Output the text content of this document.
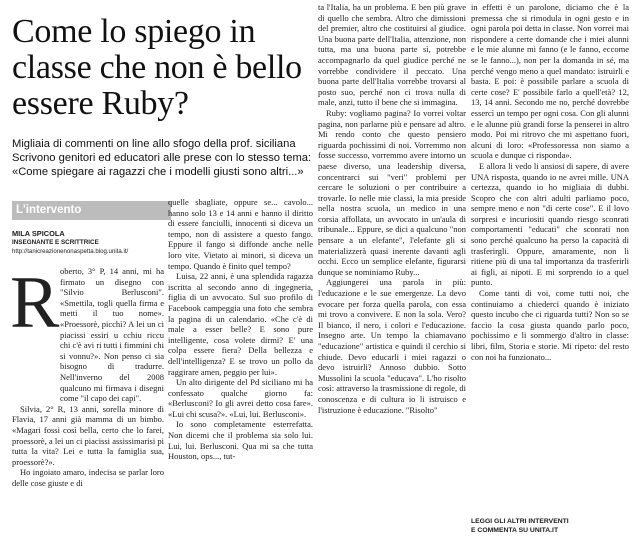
Come lo spiego in classe che non è bello essere Ruby?
Migliaia di commenti on line allo sfogo della prof. siciliana Scrivono genitori ed educatori alle prese con lo stesso tema: «Come spiegare ai ragazzi che i modelli giusti sono altri...»
L'intervento
MILA SPICOLA
INSEGNANTE E SCRITTRICE
http://tanicreazionenonaspetta.blog.unita.it/
R oberto, 3° P, 14 anni, mi ha firmato un disegno con "Silvio Berlusconi". «Smettila, togli quella firma e metti il tuo nome». «Proessorè, picchì? A lei un ci piacissi essiri u cchiu riccu chi c'è avi ri tutti i fimmini chi si vonnu?». Non penso ci sia bisogno di tradurre. Nell'inverno del 2008 qualcuno mi firmava i disegni come "il capo dei capi".
Silvia, 2° R, 13 anni, sorella minore di Flavia, 17 anni già mamma di un bimbo. «Magari fossi così bella, certo che lo farei, proessorè, a lei un ci piacissi assissimarisi pi tutta la vita? Lei e tutta la famiglia sua, proessorè?».
Ho ingoiato amaro, indecisa se parlar loro delle cose giuste e di
quelle sbagliate, oppure se... cavolo... hanno solo 13 e 14 anni e hanno il diritto di essere fanciulli, innocenti si diceva un tempo, non di assistere a questo fango. Eppure il fango si diffonde anche nelle loro vite. Vietato ai minori, si diceva un tempo. Quando è finito quel tempo?
Luisa, 22 anni, è una splendida ragazza iscritta al secondo anno di ingegneria, figlia di un avvocato. Sul suo profilo di Facebook campeggia una foto che sembra la pagina di un calendario. «Che c'è di male a esser belle? E sono pure intelligente, cosa volete dirmi? E' una colpa essere fiera? Della bellezza e dell'intelligenza? E se trovo un pollo da raggirare amen, peggio per lui».
Un alto dirigente del Pd siciliano mi ha confessato qualche giorno fa: «Berlusconi? Io gli avrei detto cosa fare». «Lui chi scusa?». «Lui, lui. Berlusconi».
Io sono completamente esterrefatta. Non dicemi che il problema sia solo lui. Lui, lui. Berlusconi. Qua mi sa che tutta Houston, ops..., tut-
ta l'Italia, ha un problema. E ben più grave di quello che sembra. Altro che dimissioni del premier, altro che costituirsi al giudice. Una buona parte dell'Italia, attenzione, non tutta, ma una buona parte sì, potrebbe accompagnarlo da quel giudice perché ne vorrebbe condividere il peccato. Una buona parte dell'Italia vorrebbe trovarsi al posto suo, perché non ci trova nulla di male, anzi, tutto il bene che si immagina.
Ruby: vogliamo pagina? Io vorrei voltar pagina, non parlarne più e pensare ad altro. Mi rendo conto che questo pensiero riguarda pochissimi di noi. Vorremmo non fosse successo, vorremmo avere intorno un paese diverso, una leadership diversa, concentrarci sui "veri" problemi per cercare le soluzioni o per contribuire a trovarle. Io nelle mie classi, la mia preside nella nostra scuola, un medico in una corsia affollata, un avvocato in un'aula di tribunale... Eppure, se dici a qualcuno "non pensare a un elefante", l'elefante gli si materializzerà quasi inerente davanti agli occhi. Ecco un semplice elefante, figurarsi dunque se nominiamo Ruby...
Aggiungerei una parola in più: l'educazione e le sue emergenze. La devo evocare per forza quella parola, con essa mi trovo a convivere. E non la sola. Vero? Il bianco, il nero, i colori e l'educazione. Insegno arte. Un tempo la chiamavano "educazione" artistica e quindi il cerchio si chiude. Devo educarli i miei ragazzi o devo istruirli? Annoso dubbio. Sotto Mussolini la scuola "educava". L'ho risolto così: attraverso la trasmissione di regole, di conoscenza e di cultura io li istruisco e l'istruzione è educazione. "Risolto"
in effetti è un parolone, diciamo che è la premessa che si rimodula in ogni gesto e in ogni parola poi detta in classe. Non vorrei mai rispondere a certe domande che i miei alunni e le mie alunne mi fanno (e le fanno, eccome se le fanno...), non per la domanda in sé, ma perché vengo meno a quel mandato: istruirli e basta. E poi: è possibile parlare a scuola di certe cose? E' possibile farlo a quell'età? 12, 13, 14 anni. Secondo me no, perché dovrebbe essercì un tempo per ogni cosa. Con gli alunni e le alunne più grandi forse la penserei in altro modo. Poi mi ritrovo che mi aspettano fuori, alcuni di loro: «Professoressa non siamo a scuola e dunque ci risponda».
E allora li vedo li ansiosi di sapere, di avere UNA risposta, quando io ne avrei mille. UNA certezza, quando io ho migliaia di dubbi. Scopro che con altri adulti parliamo poco, sempre meno e non "di certe cose". E il lovo sorpresi e incuriositi quando riesgo sconrati comportamenti "educati" che sconrati non sono perché qualcuno ha perso la capacità di trasferirgli. Oppure, amaramente, non li ritiene più di una tal importanza da trasferirli ai figli, ai nipoti. E mi sorprendo io a quel punto.
Come tanti di voi, come tutti noi, che continuiamo a chiederci quando è iniziato questo incubo che ci riguarda tutti? Non so se faccio la cosa giusta quando parlo poco, pochissimo e li sommergo d'altro in classe: libri, film, Storia e storie. Mi ripeto: del resto con noi ha funzionato...
LEGGI GLI ALTRI INTERVENTI
E COMMENTA SU UNITA.IT
